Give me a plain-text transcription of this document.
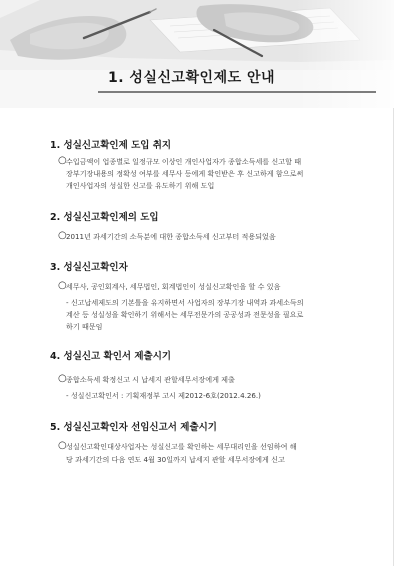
1. 성실신고확인제도 안내
1. 성실신고확인제 도입 취지
○ 수입금액이 업종별로 일정규모 이상인 개인사업자가 종합소득세를 신고할 때
장부기장내용의 정확성 여부를 세무사 등에게 확인받은 후 신고하게 함으로써
개인사업자의 성실한 신고를 유도하기 위해 도입
2. 성실신고확인제의 도입
○ 2011년 과세기간의 소득분에 대한 종합소득세 신고부터 적용되었음
3. 성실신고확인자
○ 세무사, 공인회계사, 세무법인, 회계법인이 성실신고확인을 할 수 있음
- 신고납세제도의 기본틀을 유지하면서 사업자의 장부기장 내역과 과세소득의
계산 등 성실성을 확인하기 위해서는 세무전문가의 공공성과 전문성을 필요로
하기 때문임
4. 성실신고 확인서 제출시기
○ 종합소득세 확정신고 시 납세지 관할세무서장에게 제출
- 성실신고확인서 : 기획재정부 고시 제2012-6호(2012.4.26.)
5. 성실신고확인자 선임신고서 제출시기
○ 성실신고확인대상사업자는 성실신고를 확인하는 세무대리인을 선임하여 해
당 과세기간의 다음 연도 4월 30일까지 납세지 관할 세무서장에게 신고
